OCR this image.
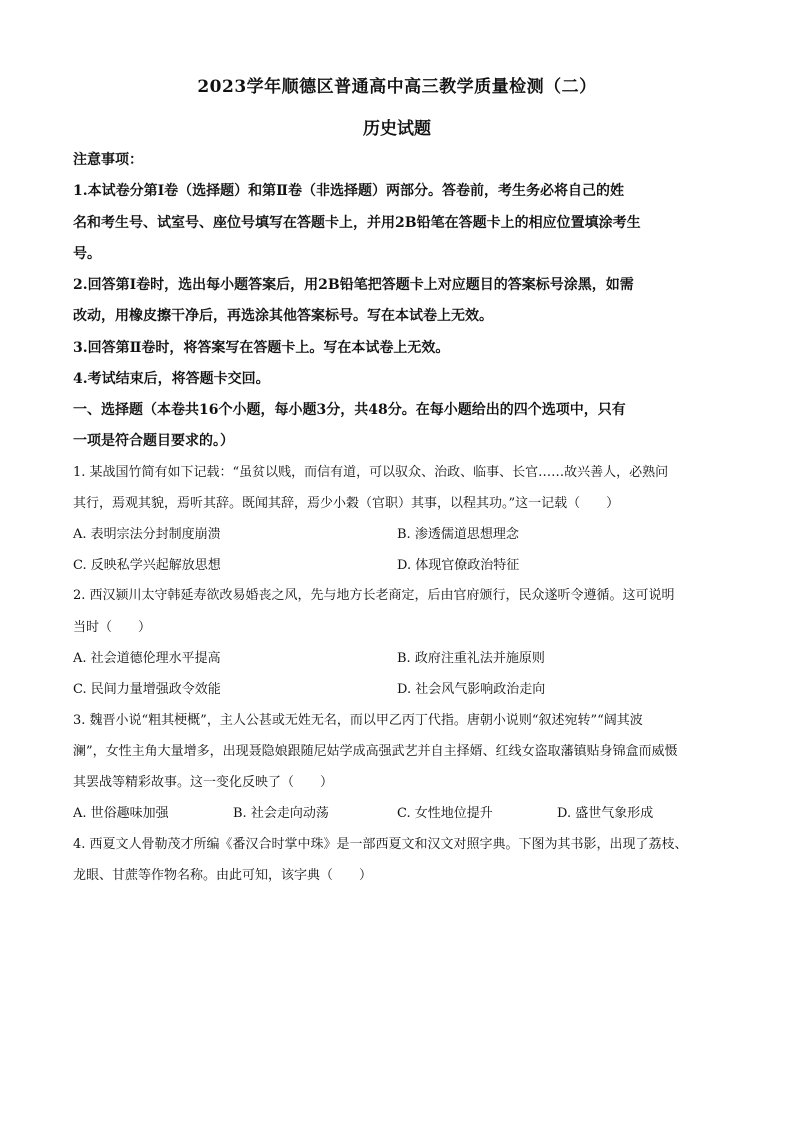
2023学年顺德区普通高中高三教学质量检测（二）
历史试题
注意事项：
1.本试卷分第Ⅰ卷（选择题）和第Ⅱ卷（非选择题）两部分。答卷前，考生务必将自己的姓
名和考生号、试室号、座位号填写在答题卡上，并用2B铅笔在答题卡上的相应位置填涂考生
号。
2.回答第Ⅰ卷时，选出每小题答案后，用2B铅笔把答题卡上对应题目的答案标号涂黑，如需
改动，用橡皮擦干净后，再选涂其他答案标号。写在本试卷上无效。
3.回答第Ⅱ卷时，将答案写在答题卡上。写在本试卷上无效。
4.考试结束后，将答题卡交回。
一、选择题（本卷共16个小题，每小题3分，共48分。在每小题给出的四个选项中，只有
一项是符合题目要求的。）
1. 某战国竹简有如下记载：“虽贫以贱，而信有道，可以驭众、治政、临事、长官……故兴善人，必熟问
其行，焉观其貌，焉听其辞。既闻其辞，焉少小穀（官职）其事，以程其功。”这一记载（　　）
A. 表明宗法分封制度崩溃	B. 渗透儒道思想理念
C. 反映私学兴起解放思想	D. 体现官僚政治特征
2. 西汉颍川太守韩延寿欲改易婚丧之风，先与地方长老商定，后由官府颁行，民众遂听令遵循。这可说明
当时（　　）
A. 社会道德伦理水平提高	B. 政府注重礼法并施原则
C. 民间力量增强政令效能	D. 社会风气影响政治走向
3. 魏晋小说“粗其梗概”，主人公甚或无姓无名，而以甲乙丙丁代指。唐朝小说则“叙述宛转”“阔其波
澜”，女性主角大量增多，出现聂隐娘跟随尼姑学成高强武艺并自主择婿、红线女盗取藩镇贴身锦盒而威慑
其罢战等精彩故事。这一变化反映了（　　）
A. 世俗趣味加强	B. 社会走向动荡	C. 女性地位提升	D. 盛世气象形成
4. 西夏文人骨勒茂才所编《番汉合时掌中珠》是一部西夏文和汉文对照字典。下图为其书影，出现了荔枝、
龙眼、甘蔗等作物名称。由此可知，该字典（　　）
